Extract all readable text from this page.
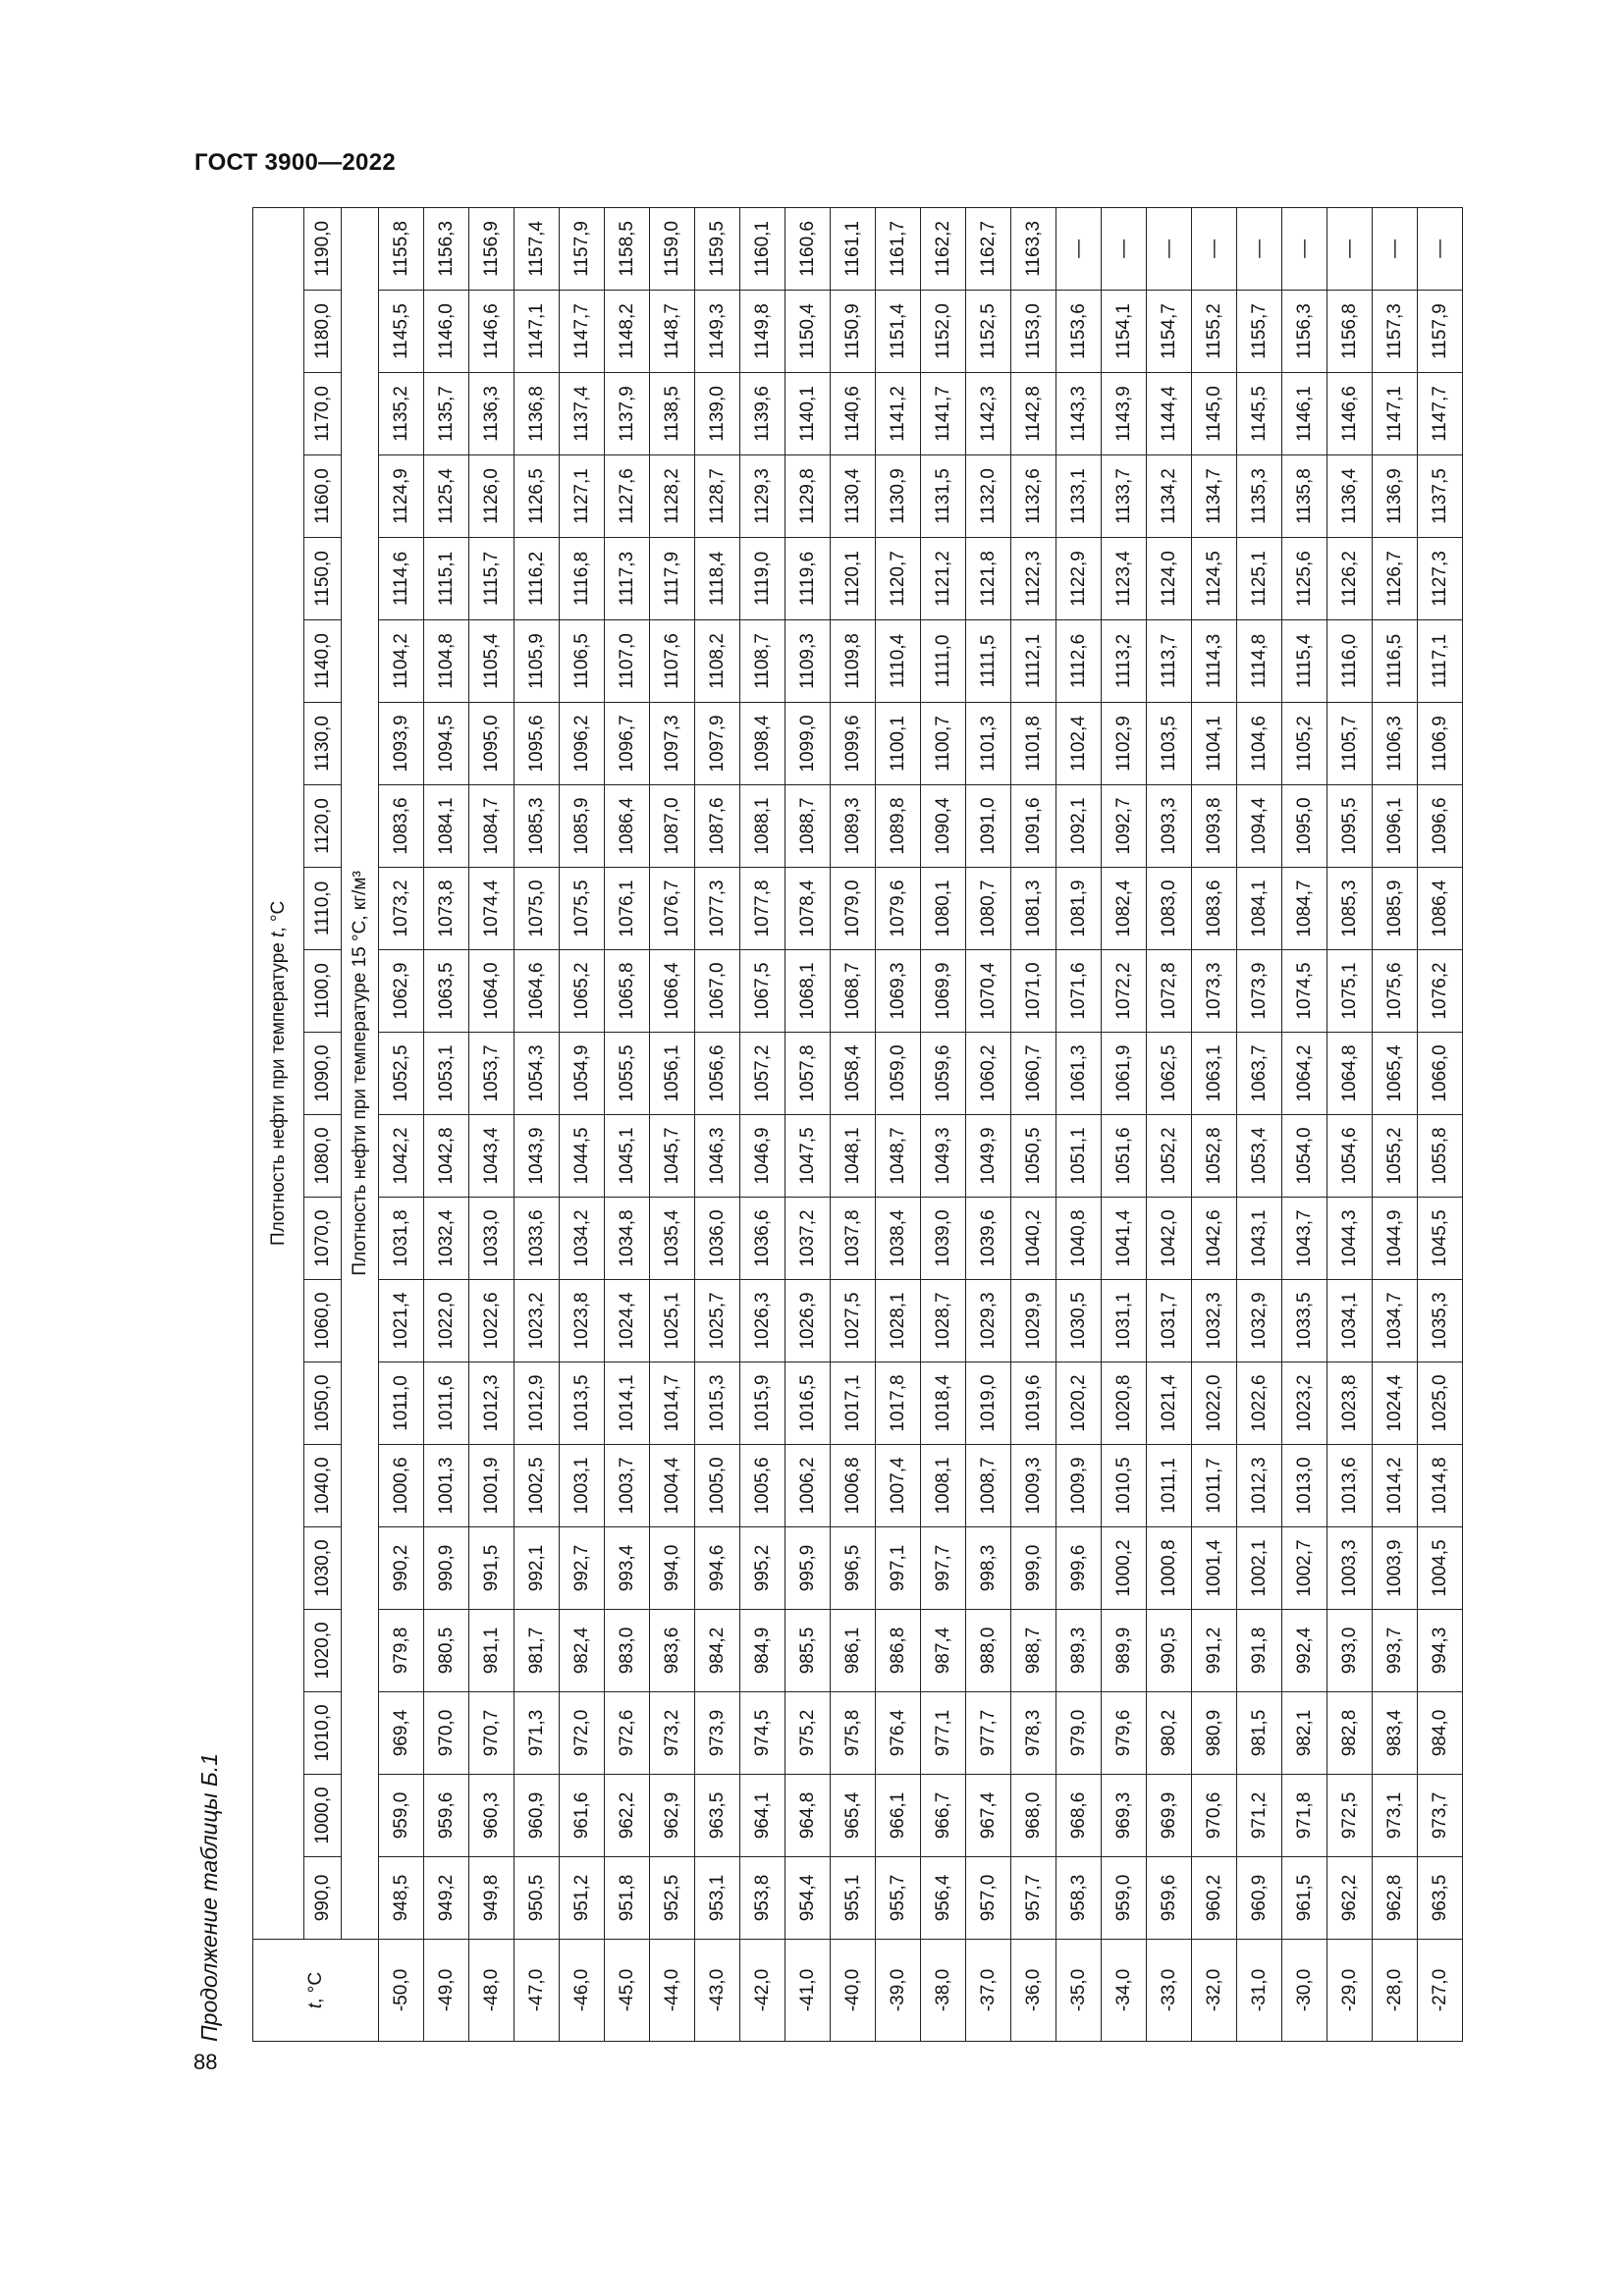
ГОСТ 3900—2022
Продолжение таблицы Б.1
88
t, °C	Плотность нефти при температуре t, °C																				
	990,0	1000,0	1010,0	1020,0	1030,0	1040,0	1050,0	1060,0	1070,0	1080,0	1090,0	1100,0	1110,0	1120,0	1130,0	1140,0	1150,0	1160,0	1170,0	1180,0	1190,0
	Плотность нефти при температуре 15 °С, кг/м³																				
-50,0	948,5	959,0	969,4	979,8	990,2	1000,6	1011,0	1021,4	1031,8	1042,2	1052,5	1062,9	1073,2	1083,6	1093,9	1104,2	1114,6	1124,9	1135,2	1145,5	1155,8
-49,0	949,2	959,6	970,0	980,5	990,9	1001,3	1011,6	1022,0	1032,4	1042,8	1053,1	1063,5	1073,8	1084,1	1094,5	1104,8	1115,1	1125,4	1135,7	1146,0	1156,3
-48,0	949,8	960,3	970,7	981,1	991,5	1001,9	1012,3	1022,6	1033,0	1043,4	1053,7	1064,0	1074,4	1084,7	1095,0	1105,4	1115,7	1126,0	1136,3	1146,6	1156,9
-47,0	950,5	960,9	971,3	981,7	992,1	1002,5	1012,9	1023,2	1033,6	1043,9	1054,3	1064,6	1075,0	1085,3	1095,6	1105,9	1116,2	1126,5	1136,8	1147,1	1157,4
-46,0	951,2	961,6	972,0	982,4	992,7	1003,1	1013,5	1023,8	1034,2	1044,5	1054,9	1065,2	1075,5	1085,9	1096,2	1106,5	1116,8	1127,1	1137,4	1147,7	1157,9
-45,0	951,8	962,2	972,6	983,0	993,4	1003,7	1014,1	1024,4	1034,8	1045,1	1055,5	1065,8	1076,1	1086,4	1096,7	1107,0	1117,3	1127,6	1137,9	1148,2	1158,5
-44,0	952,5	962,9	973,2	983,6	994,0	1004,4	1014,7	1025,1	1035,4	1045,7	1056,1	1066,4	1076,7	1087,0	1097,3	1107,6	1117,9	1128,2	1138,5	1148,7	1159,0
-43,0	953,1	963,5	973,9	984,2	994,6	1005,0	1015,3	1025,7	1036,0	1046,3	1056,6	1067,0	1077,3	1087,6	1097,9	1108,2	1118,4	1128,7	1139,0	1149,3	1159,5
-42,0	953,8	964,1	974,5	984,9	995,2	1005,6	1015,9	1026,3	1036,6	1046,9	1057,2	1067,5	1077,8	1088,1	1098,4	1108,7	1119,0	1129,3	1139,6	1149,8	1160,1
-41,0	954,4	964,8	975,2	985,5	995,9	1006,2	1016,5	1026,9	1037,2	1047,5	1057,8	1068,1	1078,4	1088,7	1099,0	1109,3	1119,6	1129,8	1140,1	1150,4	1160,6
-40,0	955,1	965,4	975,8	986,1	996,5	1006,8	1017,1	1027,5	1037,8	1048,1	1058,4	1068,7	1079,0	1089,3	1099,6	1109,8	1120,1	1130,4	1140,6	1150,9	1161,1
-39,0	955,7	966,1	976,4	986,8	997,1	1007,4	1017,8	1028,1	1038,4	1048,7	1059,0	1069,3	1079,6	1089,8	1100,1	1110,4	1120,7	1130,9	1141,2	1151,4	1161,7
-38,0	956,4	966,7	977,1	987,4	997,7	1008,1	1018,4	1028,7	1039,0	1049,3	1059,6	1069,9	1080,1	1090,4	1100,7	1111,0	1121,2	1131,5	1141,7	1152,0	1162,2
-37,0	957,0	967,4	977,7	988,0	998,3	1008,7	1019,0	1029,3	1039,6	1049,9	1060,2	1070,4	1080,7	1091,0	1101,3	1111,5	1121,8	1132,0	1142,3	1152,5	1162,7
-36,0	957,7	968,0	978,3	988,7	999,0	1009,3	1019,6	1029,9	1040,2	1050,5	1060,7	1071,0	1081,3	1091,6	1101,8	1112,1	1122,3	1132,6	1142,8	1153,0	1163,3
-35,0	958,3	968,6	979,0	989,3	999,6	1009,9	1020,2	1030,5	1040,8	1051,1	1061,3	1071,6	1081,9	1092,1	1102,4	1112,6	1122,9	1133,1	1143,3	1153,6	—
-34,0	959,0	969,3	979,6	989,9	1000,2	1010,5	1020,8	1031,1	1041,4	1051,6	1061,9	1072,2	1082,4	1092,7	1102,9	1113,2	1123,4	1133,7	1143,9	1154,1	—
-33,0	959,6	969,9	980,2	990,5	1000,8	1011,1	1021,4	1031,7	1042,0	1052,2	1062,5	1072,8	1083,0	1093,3	1103,5	1113,7	1124,0	1134,2	1144,4	1154,7	—
-32,0	960,2	970,6	980,9	991,2	1001,4	1011,7	1022,0	1032,3	1042,6	1052,8	1063,1	1073,3	1083,6	1093,8	1104,1	1114,3	1124,5	1134,7	1145,0	1155,2	—
-31,0	960,9	971,2	981,5	991,8	1002,1	1012,3	1022,6	1032,9	1043,1	1053,4	1063,7	1073,9	1084,1	1094,4	1104,6	1114,8	1125,1	1135,3	1145,5	1155,7	—
-30,0	961,5	971,8	982,1	992,4	1002,7	1013,0	1023,2	1033,5	1043,7	1054,0	1064,2	1074,5	1084,7	1095,0	1105,2	1115,4	1125,6	1135,8	1146,1	1156,3	—
-29,0	962,2	972,5	982,8	993,0	1003,3	1013,6	1023,8	1034,1	1044,3	1054,6	1064,8	1075,1	1085,3	1095,5	1105,7	1116,0	1126,2	1136,4	1146,6	1156,8	—
-28,0	962,8	973,1	983,4	993,7	1003,9	1014,2	1024,4	1034,7	1044,9	1055,2	1065,4	1075,6	1085,9	1096,1	1106,3	1116,5	1126,7	1136,9	1147,1	1157,3	—
-27,0	963,5	973,7	984,0	994,3	1004,5	1014,8	1025,0	1035,3	1045,5	1055,8	1066,0	1076,2	1086,4	1096,6	1106,9	1117,1	1127,3	1137,5	1147,7	1157,9	—
